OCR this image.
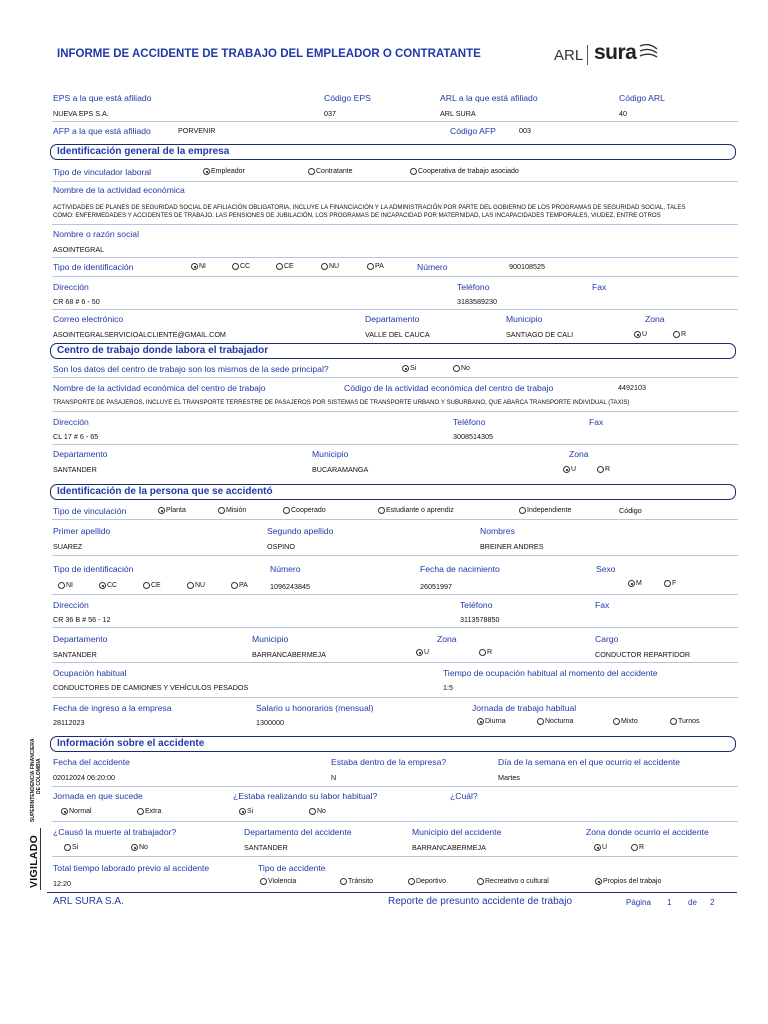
INFORME DE ACCIDENTE DE TRABAJO DEL EMPLEADOR O CONTRATANTE	ARL sura
EPS a la que está afiliado
NUEVA EPS S.A.
Código EPS
037
ARL a la que está afiliado
ARL SURA
Código ARL
40
AFP a la que está afiliado	PORVENIR	Código AFP	003
Identificación general de la empresa
Tipo de vinculador laboral	Empleador	Contratante	Cooperativa de trabajo asociado
Nombre de la actividad económica
ACTIVIDADES DE PLANES DE SEGURIDAD SOCIAL DE AFILIACIÓN OBLIGATORIA, INCLUYE LA FINANCIACIÓN Y LA ADMINISTRACIÓN POR PARTE DEL GOBIERNO DE LOS PROGRAMAS DE SEGURIDAD SOCIAL, TALES
COMO: ENFERMEDADES Y ACCIDENTES DE TRABAJO, LAS PENSIONES DE JUBILACIÓN, LOS PROGRAMAS DE INCAPACIDAD POR MATERNIDAD, LAS INCAPACIDADES TEMPORALES, VIUDEZ, ENTRE OTROS
Nombre o razón social
ASOINTEGRAL
Tipo de identificación	NI	CC	CE	NU	PA	Número	900108525
Dirección
CR 68 # 6 - 50
Teléfono
3183589230
Fax
Correo electrónico
ASOINTEGRALSERVICIOALCLIENTE@GMAIL.COM
Departamento
VALLE DEL CAUCA
Municipio
SANTIAGO DE CALI
Zona
U	R
Centro de trabajo donde labora el trabajador
Son los datos del centro de trabajo son los mismos de la sede principal?	Si	No
Nombre de la actividad económica del centro de trabajo	Código de la actividad económica del centro de trabajo	4492103
TRANSPORTE DE PASAJEROS, INCLUYE EL TRANSPORTE TERRESTRE DE PASAJEROS POR SISTEMAS DE TRANSPORTE URBANO Y SUBURBANO, QUE ABARCA TRANSPORTE INDIVIDUAL (TAXIS)
Dirección
CL 17 # 6 - 65
Teléfono
3008514305
Fax
Departamento
SANTANDER
Municipio
BUCARAMANGA
Zona
U	R
Identificación de la persona que se accidentó
Tipo de vinculación	Planta	Misión	Cooperado	Estudiante o aprendiz	Independiente	Código
Primer apellido
SUAREZ
Segundo apellido
OSPINO
Nombres
BREINER ANDRES
Tipo de identificación
NI	CC	CE	NU	PA
Número
1096243845
Fecha de nacimiento
26051997
Sexo
M	F
Dirección
CR 36 B # 56 - 12
Teléfono
3113578850
Fax
Departamento
SANTANDER
Municipio
BARRANCABERMEJA
Zona
U	R
Cargo
CONDUCTOR REPARTIDOR
Ocupación habitual
CONDUCTORES DE CAMIONES Y VEHÍCULOS PESADOS
Tiempo de ocupación habitual al momento del accidente
1:5
Fecha de ingreso a la empresa
28112023
Salario u honorarios (mensual)
1300000
Jornada de trabajo habitual
Diurna	Nocturna	Mixto	Turnos
Información sobre el accidente
Fecha del accidente
02012024 06:20:00
Estaba dentro de la empresa?
N
Día de la semana en el que ocurrio el accidente
Martes
Jornada en que sucede
Normal	Extra
¿Estaba realizando su labor habitual?
Si	No
¿Cuál?
¿Causó la muerte al trabajador?
Si	No
Departamento del accidente
SANTANDER
Municipio del accidente
BARRANCABERMEJA
Zona donde ocurrio el accidente
U	R
Total tiempo laborado previo al accidente
12:20
Tipo de accidente
Violencia	Tránsito	Deportivo	Recreativo o cultural	Propios del trabajo
ARL SURA S.A.	Reporte de presunto accidente de trabajo	Página 1 de 2
VIGILADO
SUPERINTENDENCIA FINANCIERA DE COLOMBIA
